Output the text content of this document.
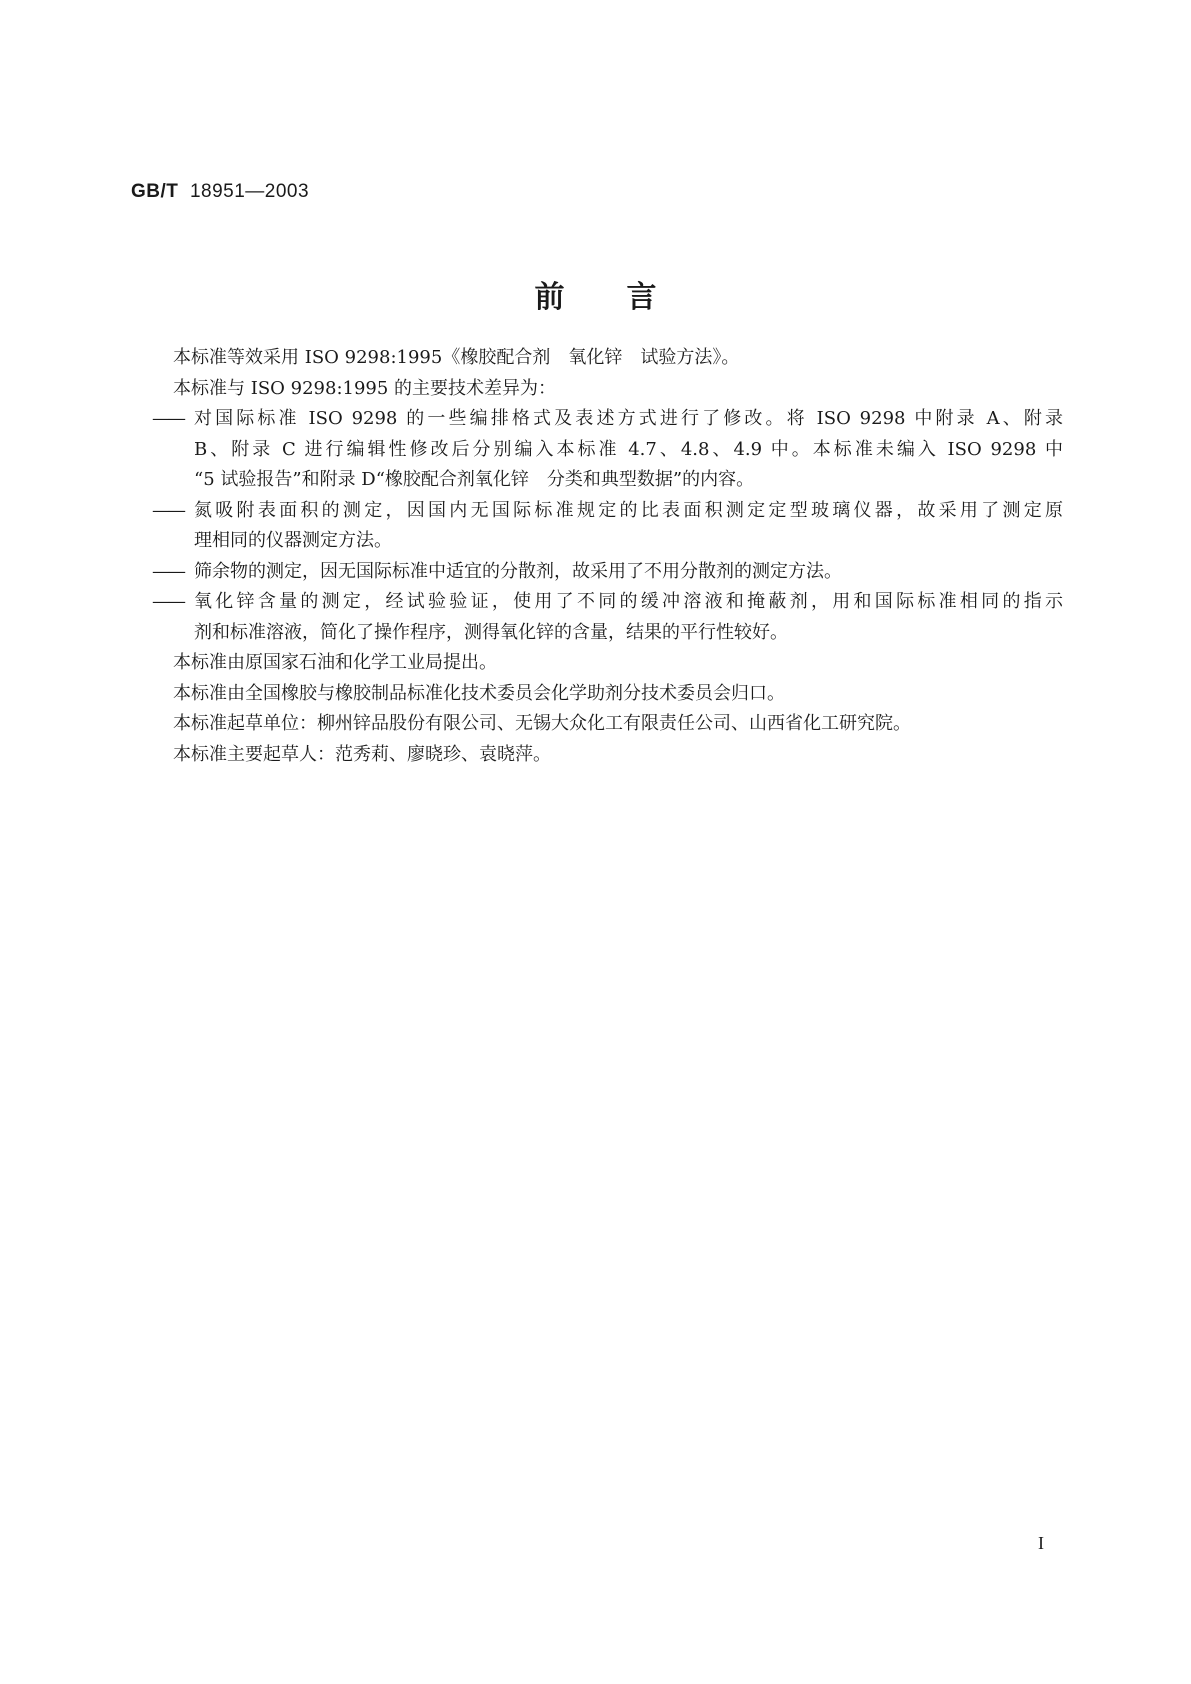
GB/T 18951—2003
前言

本标准等效采用 ISO 9298:1995《橡胶配合剂　氧化锌　试验方法》。

本标准与 ISO 9298:1995 的主要技术差异为：

—— 对国际标准 ISO 9298 的一些编排格式及表述方式进行了修改。将 ISO 9298 中附录 A、附录
B、附录 C 进行编辑性修改后分别编入本标准 4.7、4.8、4.9 中。本标准未编入 ISO 9298 中
“5 试验报告”和附录 D“橡胶配合剂氧化锌　分类和典型数据”的内容。
—— 氮吸附表面积的测定，因国内无国际标准规定的比表面积测定定型玻璃仪器，故采用了测定原
理相同的仪器测定方法。
—— 筛余物的测定，因无国际标准中适宜的分散剂，故采用了不用分散剂的测定方法。
—— 氧化锌含量的测定，经试验验证，使用了不同的缓冲溶液和掩蔽剂，用和国际标准相同的指示
剂和标准溶液，简化了操作程序，测得氧化锌的含量，结果的平行性较好。

本标准由原国家石油和化学工业局提出。

本标准由全国橡胶与橡胶制品标准化技术委员会化学助剂分技术委员会归口。

本标准起草单位：柳州锌品股份有限公司、无锡大众化工有限责任公司、山西省化工研究院。

本标准主要起草人：范秀莉、廖晓珍、袁晓萍。

I
